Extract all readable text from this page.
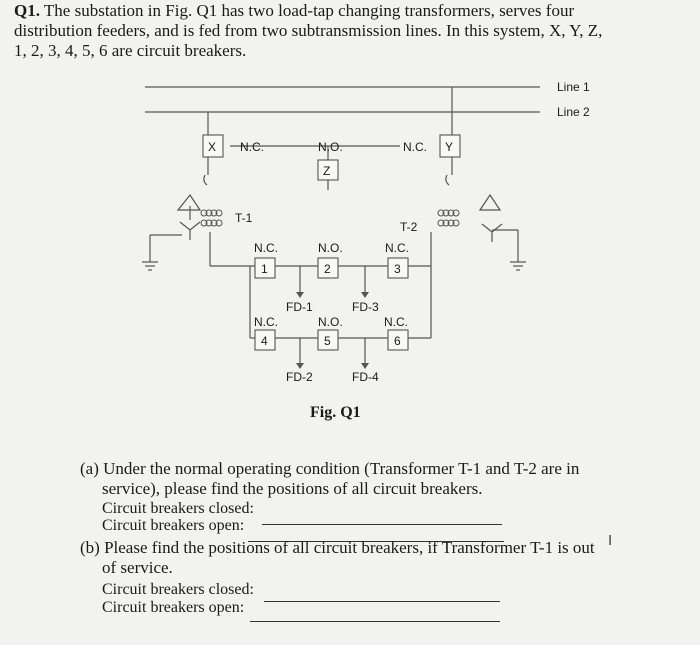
Q1. The substation in Fig. Q1 has two load-tap changing transformers, serves four
distribution feeders, and is fed from two subtransmission lines. In this system, X, Y, Z,
1, 2, 3, 4, 5, 6 are circuit breakers.
Line 1
Line 2
X N.C.	N.O.
Z
N.C. Y
T-1
T-2
N.C.
1
N.O.
2
N.C.
3
FD-1	FD-3
N.C.
4
N.O.
5
N.C.
6
FD-2	FD-4
Fig. Q1
(a) Under the normal operating condition (Transformer T-1 and T-2 are in
service), please find the positions of all circuit breakers.
Circuit breakers closed:
Circuit breakers open:
I
(b) Please find the positions of all circuit breakers, if Transformer T-1 is out
of service.
Circuit breakers closed:
Circuit breakers open:
